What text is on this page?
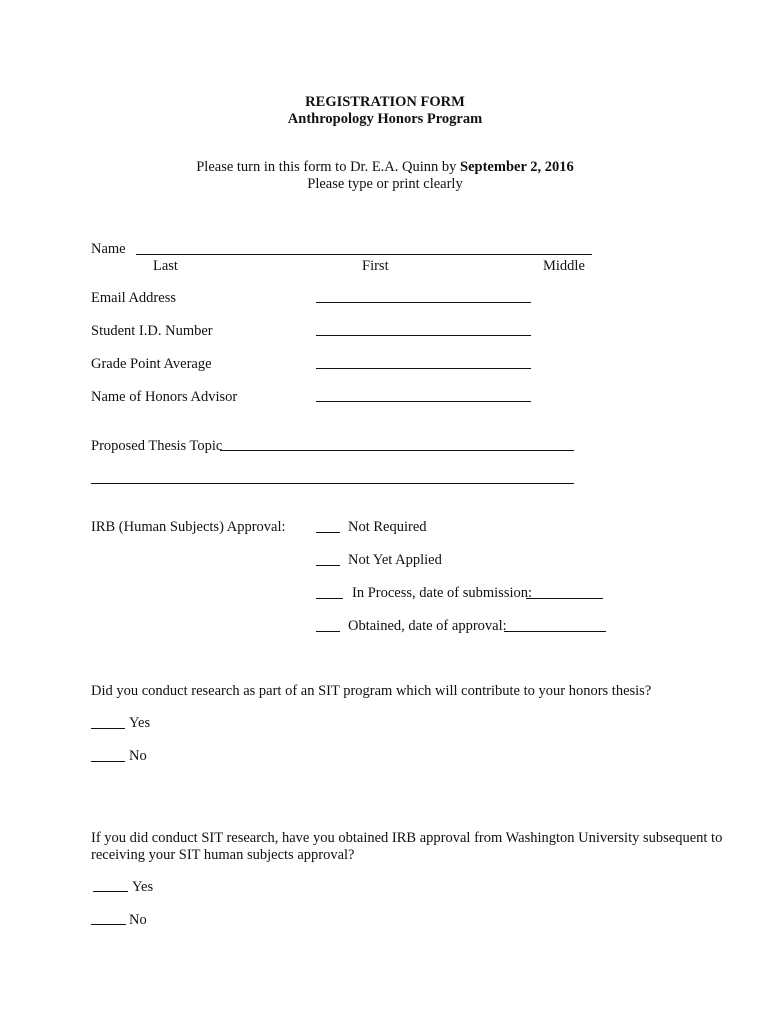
REGISTRATION FORM
Anthropology Honors Program
Please turn in this form to Dr. E.A. Quinn by September 2, 2016
Please type or print clearly
Name
Last	First	Middle
Email Address
Student I.D. Number
Grade Point Average
Name of Honors Advisor
Proposed Thesis Topic
IRB (Human Subjects) Approval:	Not Required
Not Yet Applied
In Process, date of submission:
Obtained, date of approval:
Did you conduct research as part of an SIT program which will contribute to your honors thesis?
Yes
No
If you did conduct SIT research, have you obtained IRB approval from Washington University subsequent to
receiving your SIT human subjects approval?
Yes
No
